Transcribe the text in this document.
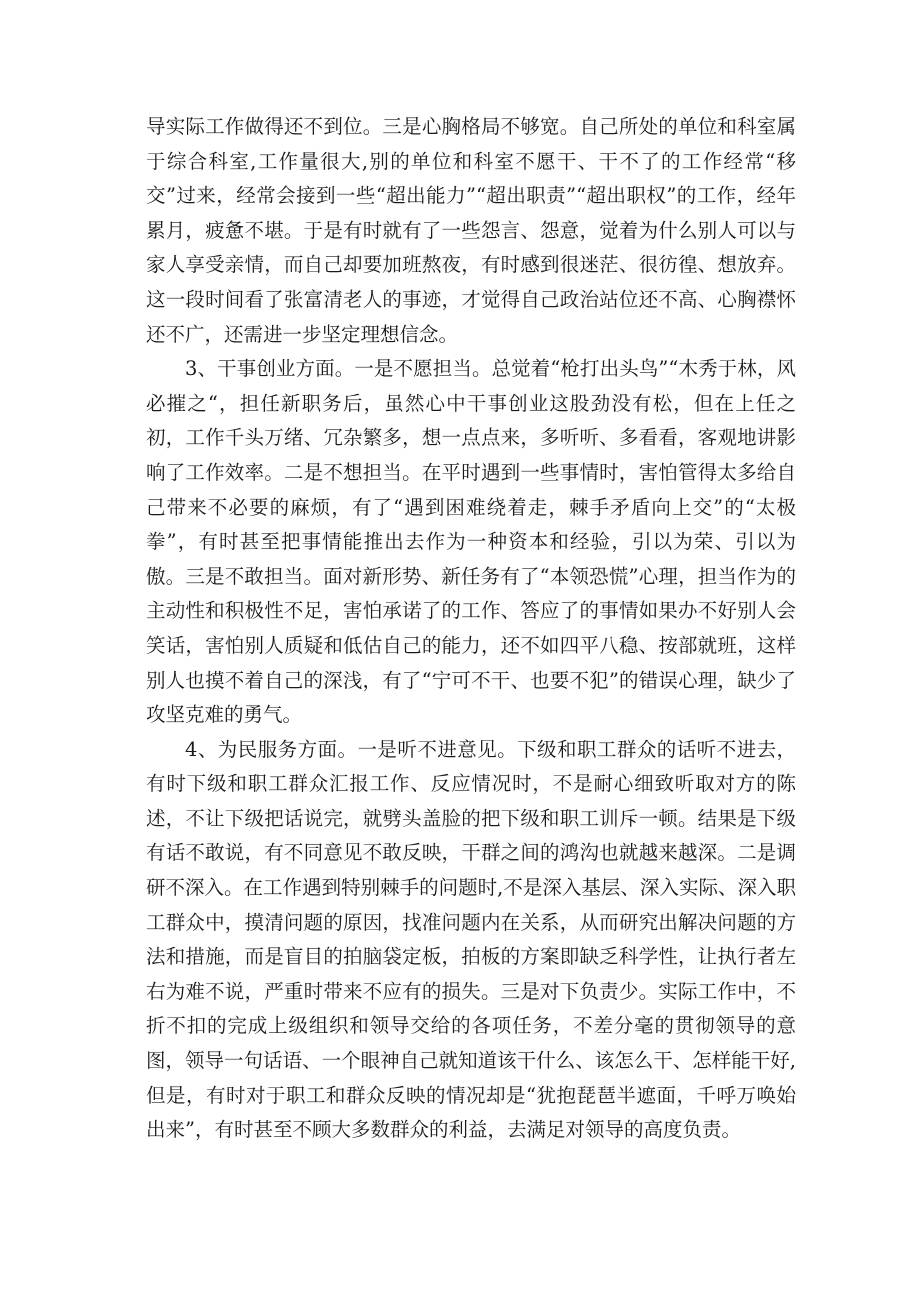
导实际工作做得还不到位。三是心胸格局不够宽。自己所处的单位和科室属于综合科室,工作量很大,别的单位和科室不愿干、干不了的工作经常“移交”过来，经常会接到一些“超出能力”“超出职责”“超出职权”的工作，经年累月，疲惫不堪。于是有时就有了一些怨言、怨意，觉着为什么别人可以与家人享受亲情，而自己却要加班熬夜，有时感到很迷茫、很彷徨、想放弃。这一段时间看了张富清老人的事迹，才觉得自己政治站位还不高、心胸襟怀还不广，还需进一步坚定理想信念。

3、干事创业方面。一是不愿担当。总觉着“枪打出头鸟”“木秀于林，风必摧之“，担任新职务后，虽然心中干事创业这股劲没有松，但在上任之初，工作千头万绪、冗杂繁多，想一点点来，多听听、多看看，客观地讲影响了工作效率。二是不想担当。在平时遇到一些事情时，害怕管得太多给自己带来不必要的麻烦，有了“遇到困难绕着走，棘手矛盾向上交”的“太极拳”，有时甚至把事情能推出去作为一种资本和经验，引以为荣、引以为傲。三是不敢担当。面对新形势、新任务有了“本领恐慌”心理，担当作为的主动性和积极性不足，害怕承诺了的工作、答应了的事情如果办不好别人会笑话，害怕别人质疑和低估自己的能力，还不如四平八稳、按部就班，这样别人也摸不着自己的深浅，有了“宁可不干、也要不犯”的错误心理，缺少了攻坚克难的勇气。

4、为民服务方面。一是听不进意见。下级和职工群众的话听不进去，有时下级和职工群众汇报工作、反应情况时，不是耐心细致听取对方的陈述，不让下级把话说完，就劈头盖脸的把下级和职工训斥一顿。结果是下级有话不敢说，有不同意见不敢反映，干群之间的鸿沟也就越来越深。二是调研不深入。在工作遇到特别棘手的问题时,不是深入基层、深入实际、深入职工群众中，摸清问题的原因，找准问题内在关系，从而研究出解决问题的方法和措施，而是盲目的拍脑袋定板，拍板的方案即缺乏科学性，让执行者左右为难不说，严重时带来不应有的损失。三是对下负责少。实际工作中，不折不扣的完成上级组织和领导交给的各项任务，不差分毫的贯彻领导的意图，领导一句话语、一个眼神自己就知道该干什么、该怎么干、怎样能干好,但是，有时对于职工和群众反映的情况却是“犹抱琵琶半遮面，千呼万唤始出来”，有时甚至不顾大多数群众的利益，去满足对领导的高度负责。
